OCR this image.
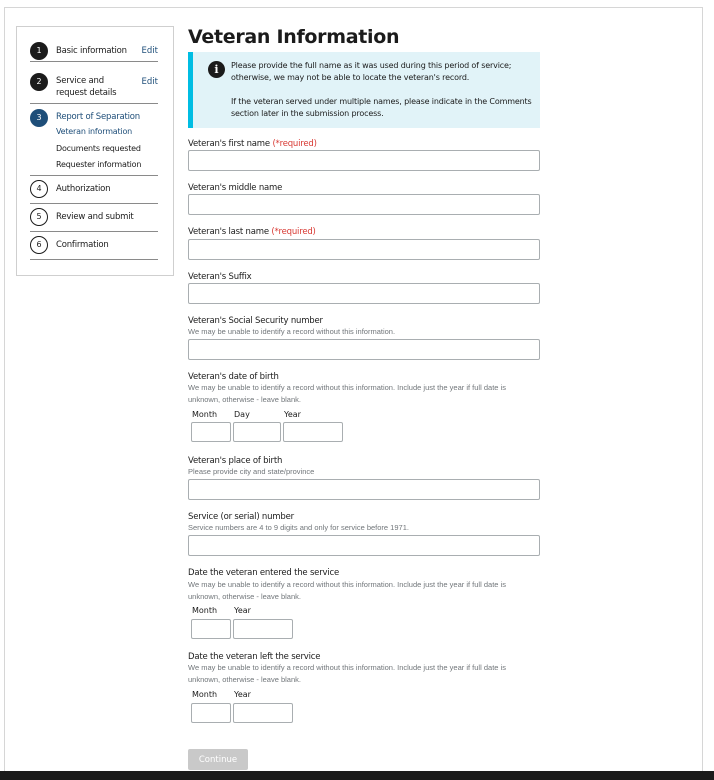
1	Basic information Edit
2	Service and request details
Edit
3	Report of Separation
Veteran information
Documents requested
Requester information
4	Authorization
5	Review and submit
6	Confirmation
Veteran Information
i	Please provide the full name as it was used during this period of service; otherwise, we may not be able to locate the veteran's record.
If the veteran served under multiple names, please indicate in the Comments section later in the submission process.
Veteran's first name (*required)
Veteran's middle name
Veteran's last name (*required)
Veteran's Suffix
Veteran's Social Security number
We may be unable to identify a record without this information.
Veteran's date of birth
We may be unable to identify a record without this information. Include just the year if full date is unknown, otherwise - leave blank.
Month Day	Year
Veteran's place of birth
Please provide city and state/province
Service (or serial) number
Service numbers are 4 to 9 digits and only for service before 1971.
Date the veteran entered the service
We may be unable to identify a record without this information. Include just the year if full date is unknown, otherwise - leave blank.
Month Year
Date the veteran left the service
We may be unable to identify a record without this information. Include just the year if full date is unknown, otherwise - leave blank.
Month Year
Continue
